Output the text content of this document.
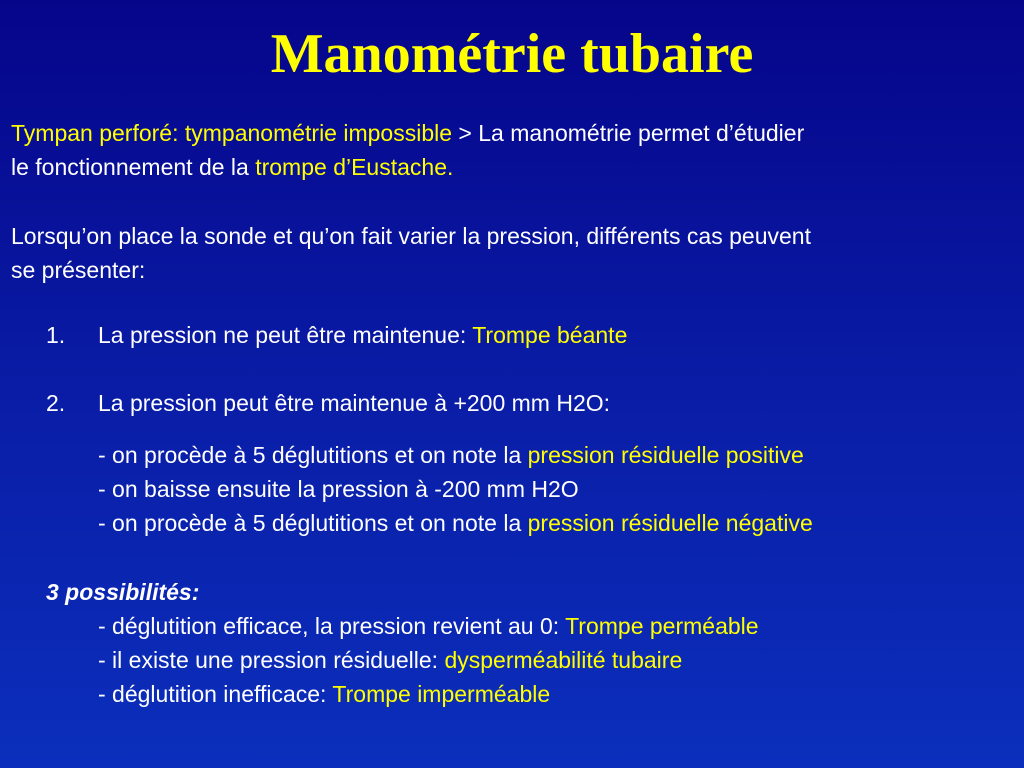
Manométrie tubaire
Tympan perforé: tympanométrie impossible > La manométrie permet d’étudier
le fonctionnement de la trompe d’Eustache.
Lorsqu’on place la sonde et qu’on fait varier la pression, différents cas peuvent
se présenter:
1. La pression ne peut être maintenue: Trompe béante
2. La pression peut être maintenue à +200 mm H2O:
- on procède à 5 déglutitions et on note la pression résiduelle positive
- on baisse ensuite la pression à -200 mm H2O
- on procède à 5 déglutitions et on note la pression résiduelle négative
3 possibilités:
- déglutition efficace, la pression revient au 0: Trompe perméable
- il existe une pression résiduelle: dysperméabilité tubaire
- déglutition inefficace: Trompe imperméable
